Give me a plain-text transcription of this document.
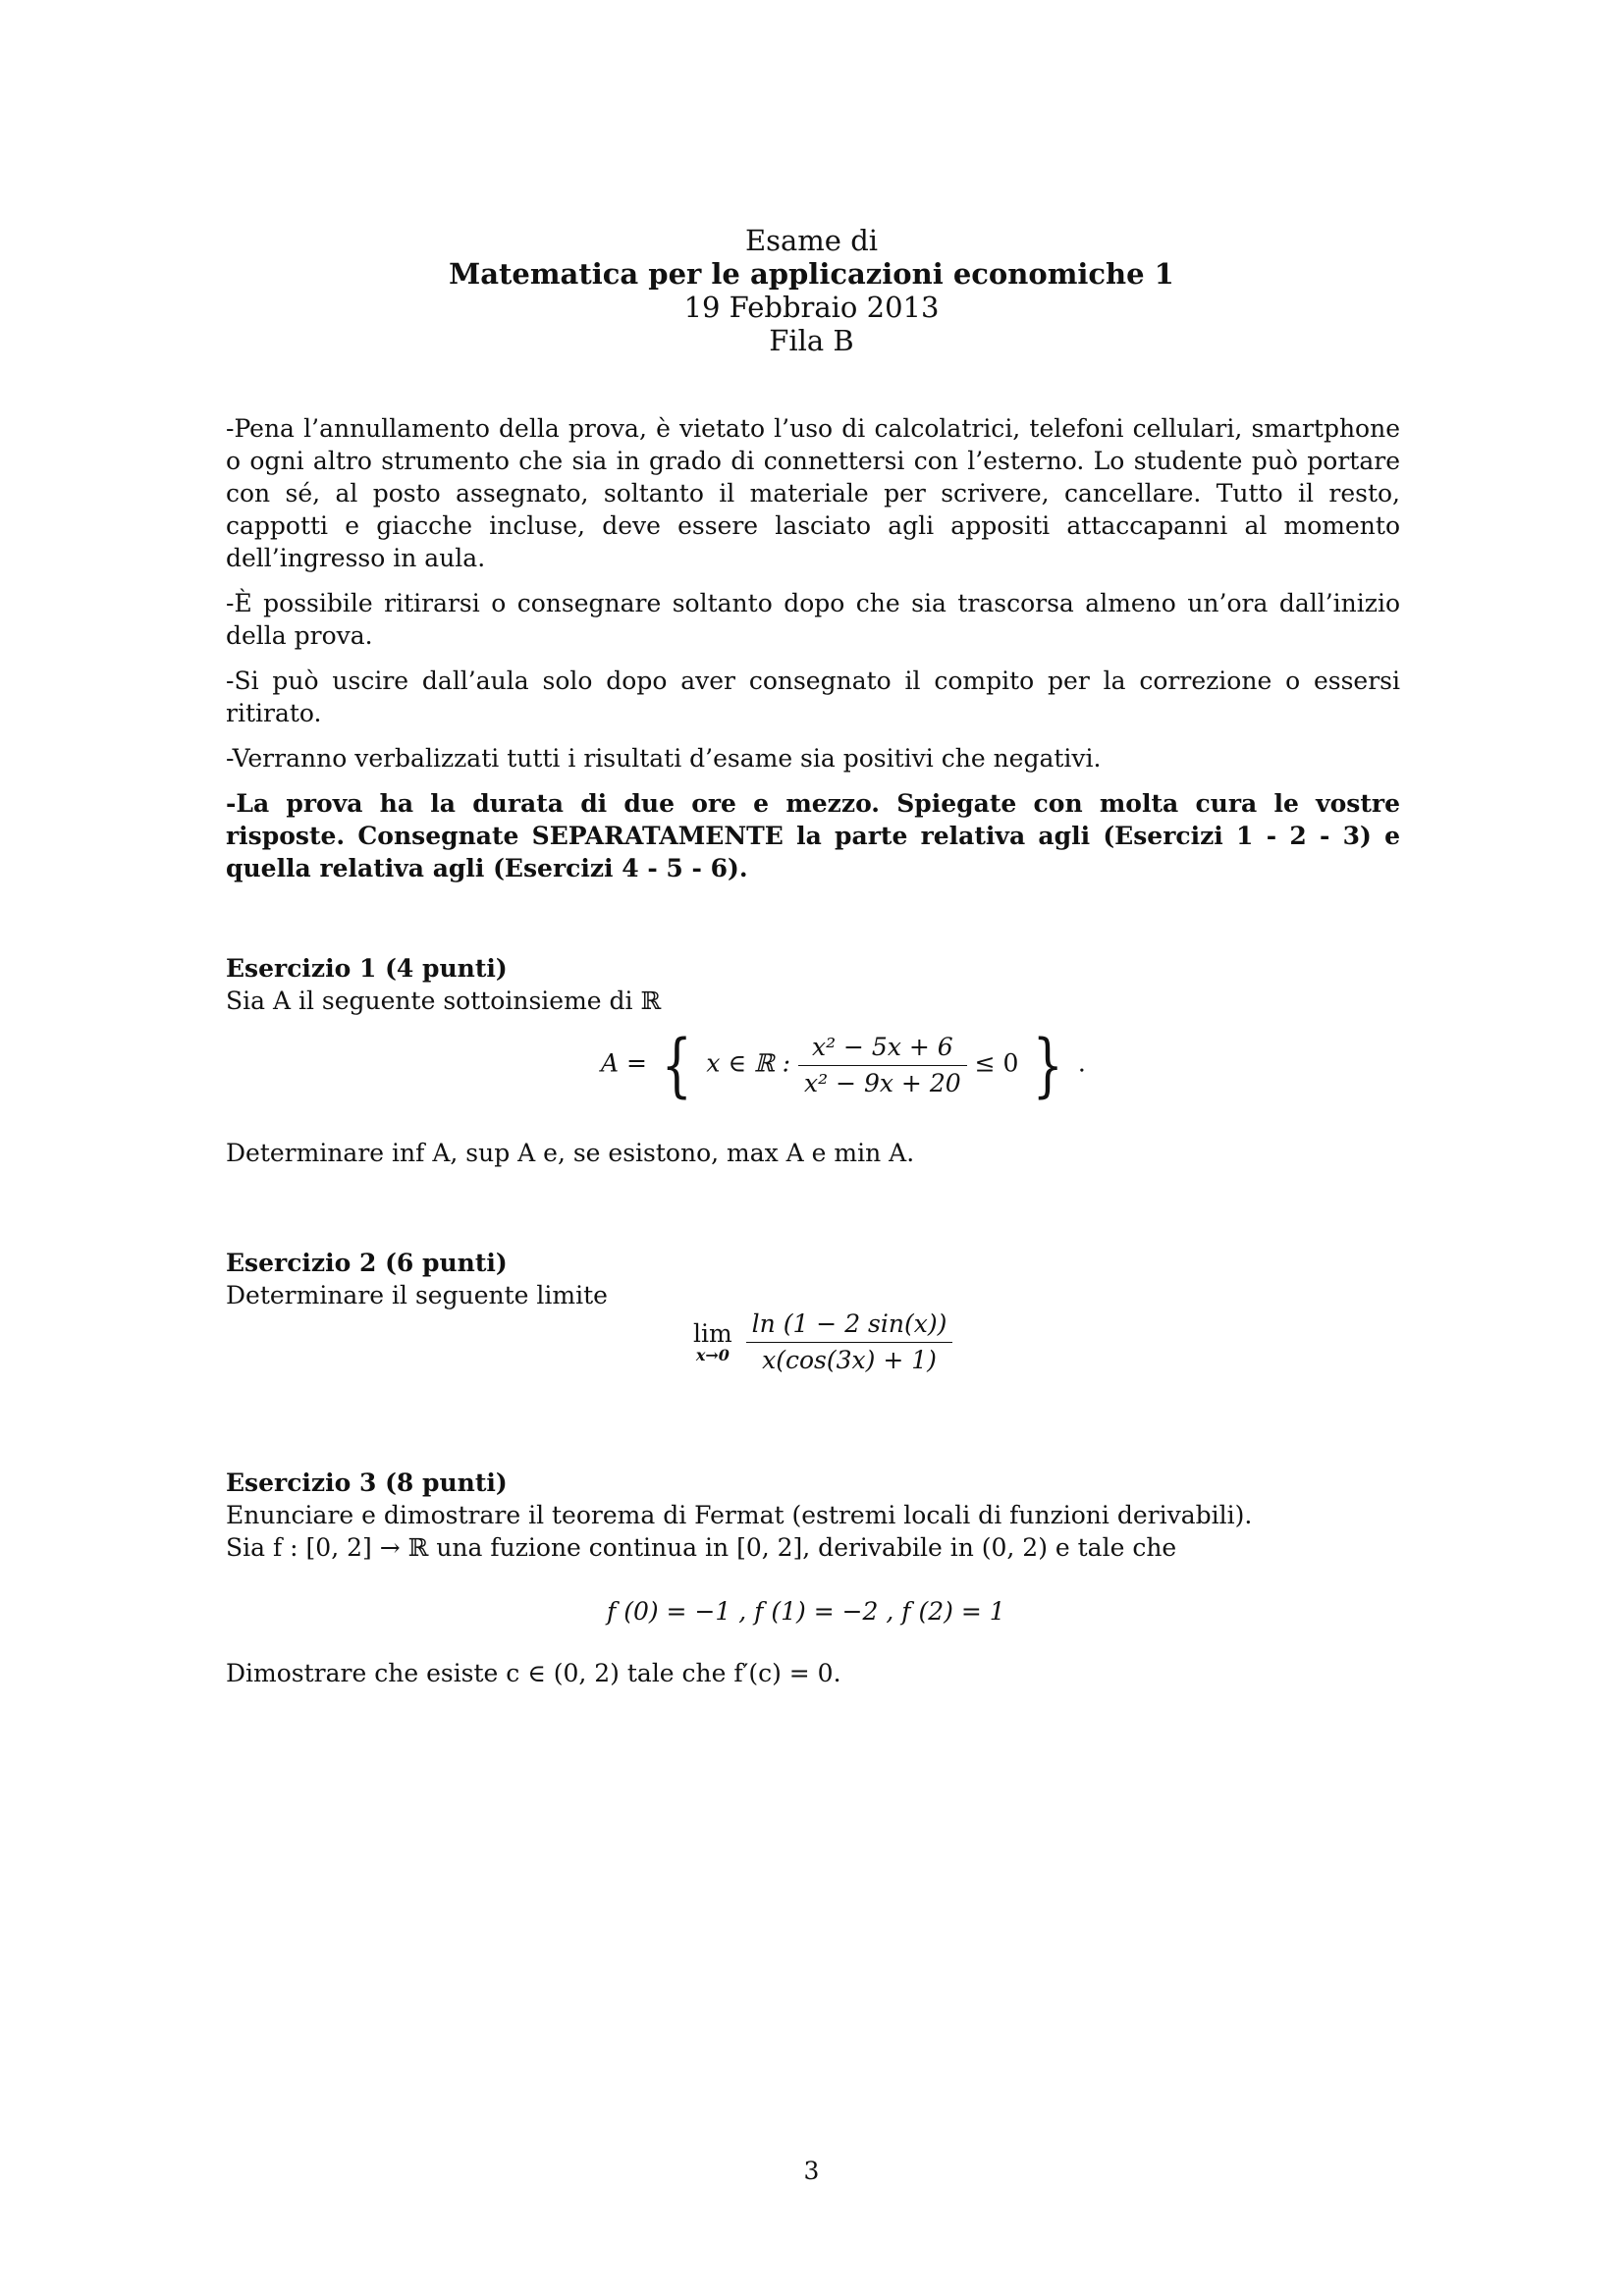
Esame di
Matematica per le applicazioni economiche 1
19 Febbraio 2013
Fila B

-Pena l’annullamento della prova, è vietato l’uso di calcolatrici, telefoni cellulari, smartphone o ogni altro strumento che sia in grado di connettersi con l’esterno. Lo studente può portare con sé, al posto assegnato, soltanto il materiale per scrivere, cancellare. Tutto il resto, cappotti e giacche incluse, deve essere lasciato agli appositi attaccapanni al momento dell’ingresso in aula.

-È possibile ritirarsi o consegnare soltanto dopo che sia trascorsa almeno un’ora dall’inizio della prova.

-Si può uscire dall’aula solo dopo aver consegnato il compito per la correzione o essersi ritirato.

-Verranno verbalizzati tutti i risultati d’esame sia positivi che negativi.

-La prova ha la durata di due ore e mezzo. Spiegate con molta cura le vostre risposte. Consegnate SEPARATAMENTE la parte relativa agli (Esercizi 1 - 2 - 3) e quella relativa agli (Esercizi 4 - 5 - 6).

Esercizio 1 (4 punti)

Sia A il seguente sottoinsieme di ℝ

A = { x ∈ ℝ : $\frac{\text{x² − 5x + 6}}{\text{x² − 9x + 20}} \le 0$ } .

Determinare inf A, sup A e, se esistono, max A e min A.

Esercizio 2 (6 punti)

Determinare il seguente limite

lim
x→0
$\frac{\ln (1 - 2 \sin(x))}{x(\cos(3x) + 1)}$

Esercizio 3 (8 punti)

Enunciare e dimostrare il teorema di Fermat (estremi locali di funzioni derivabili).

Sia f : [0, 2] → ℝ una fuzione continua in [0, 2], derivabile in (0, 2) e tale che

f (0) = −1 , f (1) = −2 , f (2) = 1

Dimostrare che esiste c ∈ (0, 2) tale che f′(c) = 0.

3
